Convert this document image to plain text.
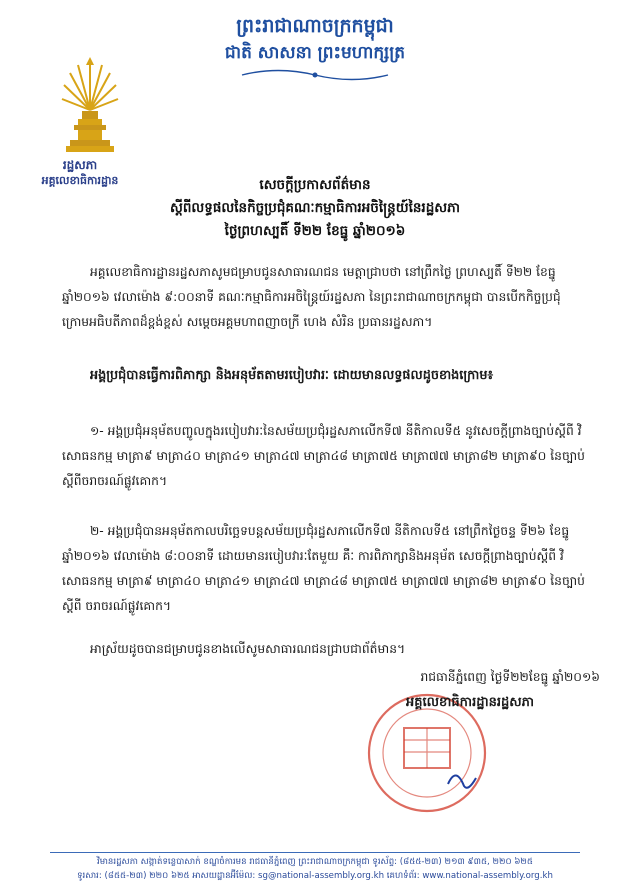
ព្រះរាជាណាចក្រកម្ពុជា
ជាតិ សាសនា ព្រះមហាក្សត្រ
រដ្ឋសភា
អគ្គលេខាធិការដ្ឋាន	សេចក្តីប្រកាសព័ត៌មាន
ស្តីពីលទ្ធផលនៃកិច្ចប្រជុំគណៈកម្មាធិការអចិន្ត្រៃយ៍នៃរដ្ឋសភា
ថ្ងៃព្រហស្បតិ៍ ទី២២ ខែធ្នូ ឆ្នាំ២០១៦
អគ្គលេខាធិការដ្ឋានរដ្ឋសភាសូមជម្រាបជូនសាធារណជន មេត្តាជ្រាបថា នៅព្រឹកថ្ងៃ ព្រហស្បតិ៍ ទី២២ ខែធ្នូ ឆ្នាំ២០១៦ វេលាម៉ោង ៩:០០នាទី គណៈកម្មាធិការអចិន្ត្រៃយ៍រដ្ឋសភា នៃព្រះរាជាណាចក្រកម្ពុជា បានបើកកិច្ចប្រជុំ ក្រោមអធិបតីភាពដ៏ខ្ពង់ខ្ពស់ សម្តេចអគ្គមហាពញាចក្រី ហេង សំរិន ប្រធានរដ្ឋសភា។
អង្គប្រជុំបានធ្វើការពិភាក្សា និងអនុម័តតាមរបៀបវារៈ ដោយមានលទ្ធផលដូចខាងក្រោម៖
១- អង្គប្រជុំអនុម័តបញ្ចូលក្នុងរបៀបវារៈនៃសម័យប្រជុំរដ្ឋសភាលើកទី៧ នីតិកាលទី៥ នូវសេចក្តីព្រាងច្បាប់ស្តីពី វិសោធនកម្ម មាត្រា៩ មាត្រា៤០ មាត្រា៤១ មាត្រា៤៧ មាត្រា៤៨ មាត្រា៧៥ មាត្រា៧៧ មាត្រា៨២ មាត្រា៩០ នៃច្បាប់ស្តីពីចរាចរណ៍ផ្លូវគោក។
២- អង្គប្រជុំបានអនុម័តកាលបរិច្ឆេទបន្តសម័យប្រជុំរដ្ឋសភាលើកទី៧ នីតិកាលទី៥ នៅព្រឹកថ្ងៃចន្ទ ទី២៦ ខែធ្នូ ឆ្នាំ២០១៦ វេលាម៉ោង ៨:០០នាទី ដោយមានរបៀបវារៈតែមួយ គឺៈ ការពិភាក្សានិងអនុម័ត សេចក្តីព្រាងច្បាប់ស្តីពី វិសោធនកម្ម មាត្រា៩ មាត្រា៤០ មាត្រា៤១ មាត្រា៤៧ មាត្រា៤៨ មាត្រា៧៥ មាត្រា៧៧ មាត្រា៨២ មាត្រា៩០ នៃច្បាប់ស្តីពី ចរាចរណ៍ផ្លូវគោក។
អាស្រ័យដូចបានជម្រាបជូនខាងលើសូមសាធារណជនជ្រាបជាព័ត៌មាន។
រាជធានីភ្នំពេញ ថ្ងៃទី២២ខែធ្នូ ឆ្នាំ២០១៦
អគ្គលេខាធិការដ្ឋានរដ្ឋសភា
វិមានរដ្ឋសភា សង្កាត់ទន្លេបាសាក់ ខណ្ឌចំការមន រាជធានីភ្នំពេញ ព្រះរាជាណាចក្រកម្ពុជា ទូរស័ព្ទ: (៨៥៥-២៣) ២១៣ ៩៣៥, ២២០ ៦២៥
ទូរសារ: (៨៥៥-២៣) ២២០ ៦២៥ អាសយដ្ឋានអ៊ីម៉ែល: sg@national-assembly.org.kh គេហទំព័រ: www.national-assembly.org.kh
